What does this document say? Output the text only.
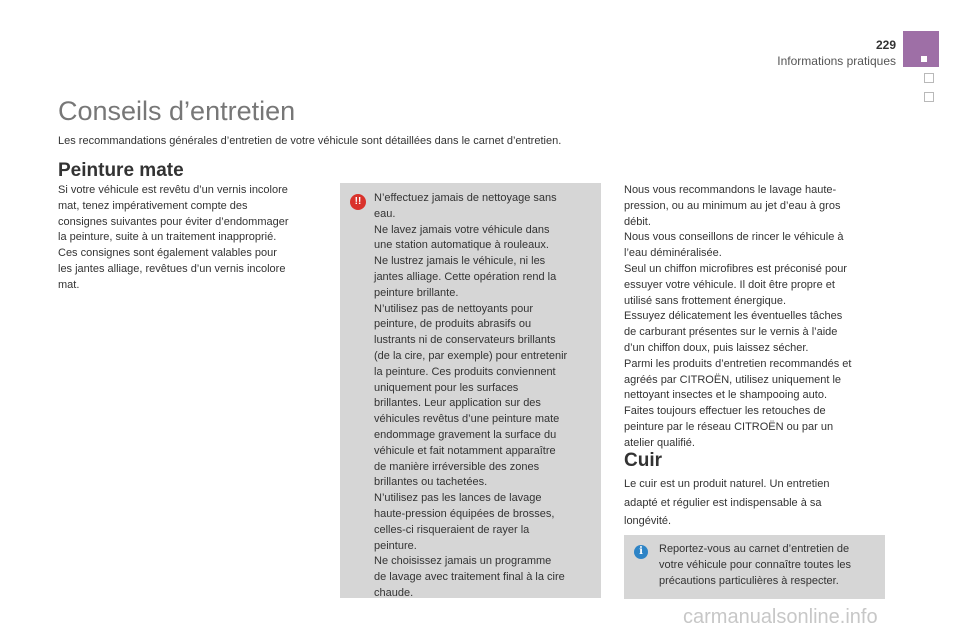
229
Informations pratiques
Conseils d’entretien

Les recommandations générales d’entretien de votre véhicule sont détaillées dans le carnet d’entretien.

Peinture mate

Si votre véhicule est revêtu d’un vernis incolore
mat, tenez impérativement compte des
consignes suivantes pour éviter d’endommager
la peinture, suite à un traitement inapproprié.
Ces consignes sont également valables pour
les jantes alliage, revêtues d’un vernis incolore
mat.

!!

N’effectuez jamais de nettoyage sans
eau.
Ne lavez jamais votre véhicule dans
une station automatique à rouleaux.
Ne lustrez jamais le véhicule, ni les
jantes alliage. Cette opération rend la
peinture brillante.
N’utilisez pas de nettoyants pour
peinture, de produits abrasifs ou
lustrants ni de conservateurs brillants
(de la cire, par exemple) pour entretenir
la peinture. Ces produits conviennent
uniquement pour les surfaces
brillantes. Leur application sur des
véhicules revêtus d’une peinture mate
endommage gravement la surface du
véhicule et fait notamment apparaître
de manière irréversible des zones
brillantes ou tachetées.
N’utilisez pas les lances de lavage
haute-pression équipées de brosses,
celles-ci risqueraient de rayer la
peinture.
Ne choisissez jamais un programme
de lavage avec traitement final à la cire
chaude.

Nous vous recommandons le lavage haute-
pression, ou au minimum au jet d’eau à gros
débit.
Nous vous conseillons de rincer le véhicule à
l’eau déminéralisée.
Seul un chiffon microfibres est préconisé pour
essuyer votre véhicule. Il doit être propre et
utilisé sans frottement énergique.
Essuyez délicatement les éventuelles tâches
de carburant présentes sur le vernis à l’aide
d’un chiffon doux, puis laissez sécher.
Parmi les produits d’entretien recommandés et
agréés par CITROËN, utilisez uniquement le
nettoyant insectes et le shampooing auto.
Faites toujours effectuer les retouches de
peinture par le réseau CITROËN ou par un
atelier qualifié.

Cuir

Le cuir est un produit naturel. Un entretien
adapté et régulier est indispensable à sa
longévité.

i

Reportez-vous au carnet d’entretien de
votre véhicule pour connaître toutes les
précautions particulières à respecter.

carmanualsonline.info
